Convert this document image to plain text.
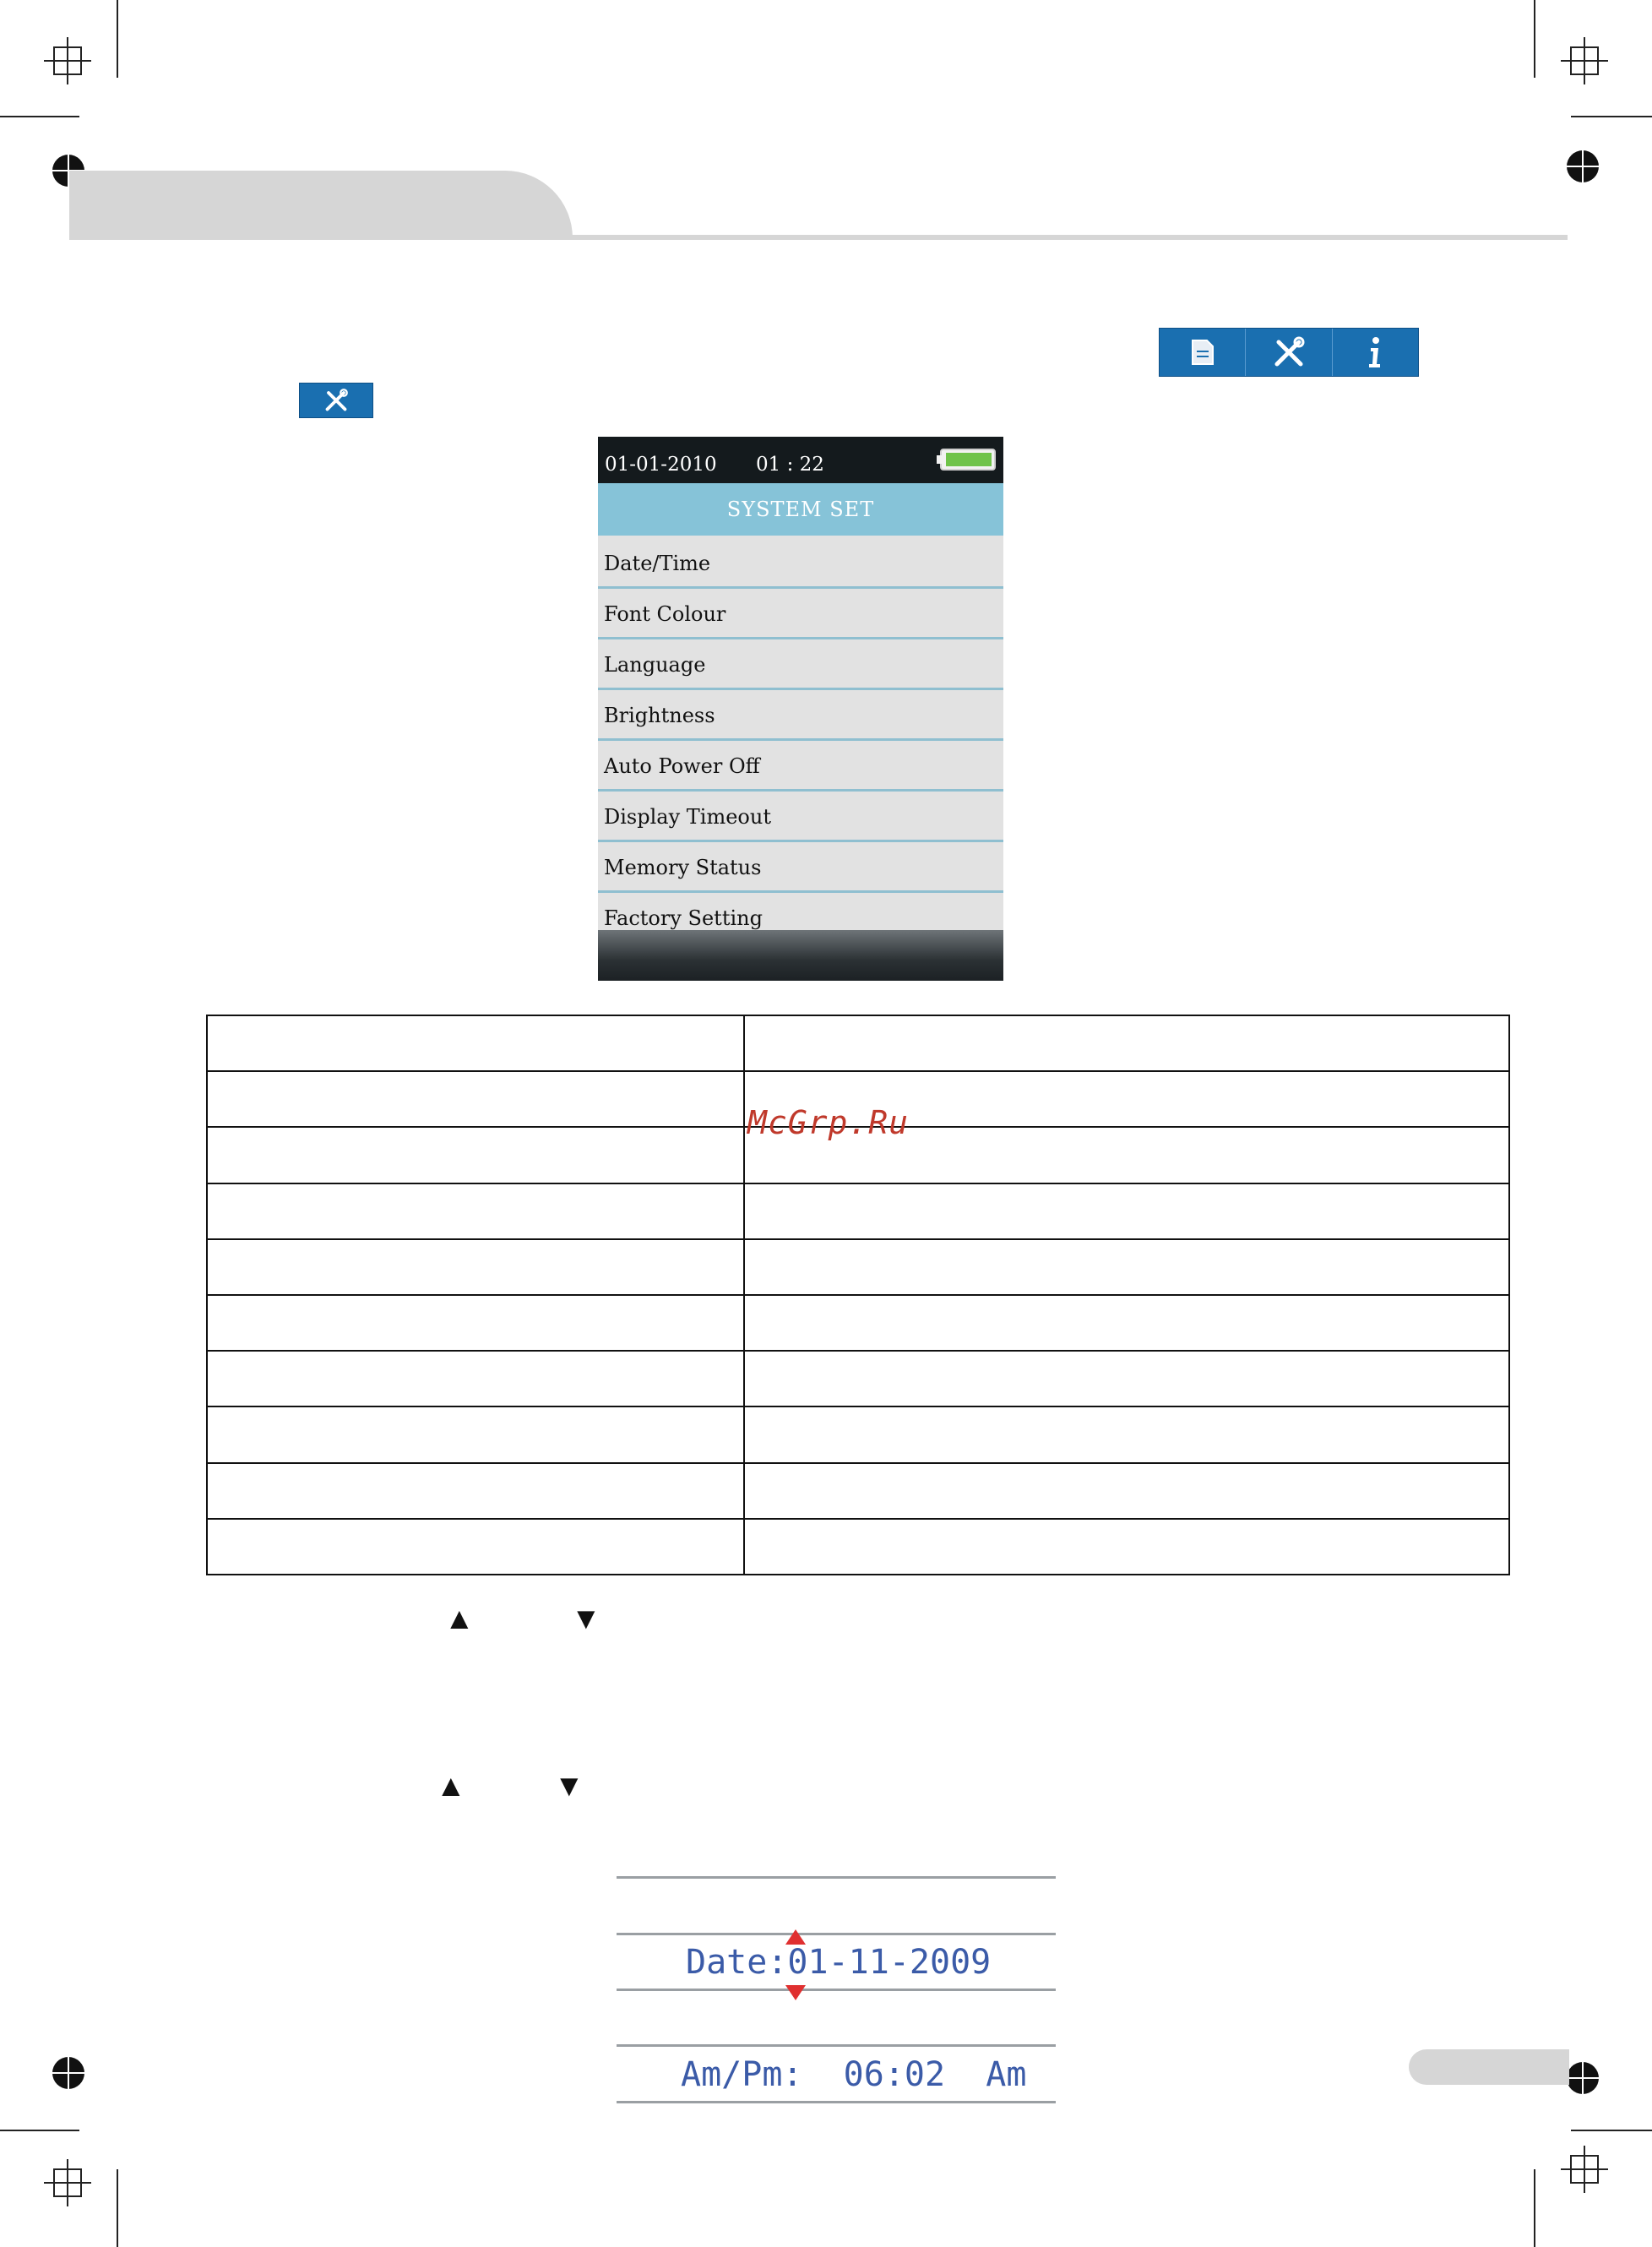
01-01-2010 01 : 22
SYSTEM SET
Date/Time
Font Colour
Language
Brightness
Auto Power Off
Display Timeout
Memory Status
Factory Setting

McGrp.Ru
▲	▼
▲	▼
Date:01-11-2009
Am/Pm:  06:02  Am
